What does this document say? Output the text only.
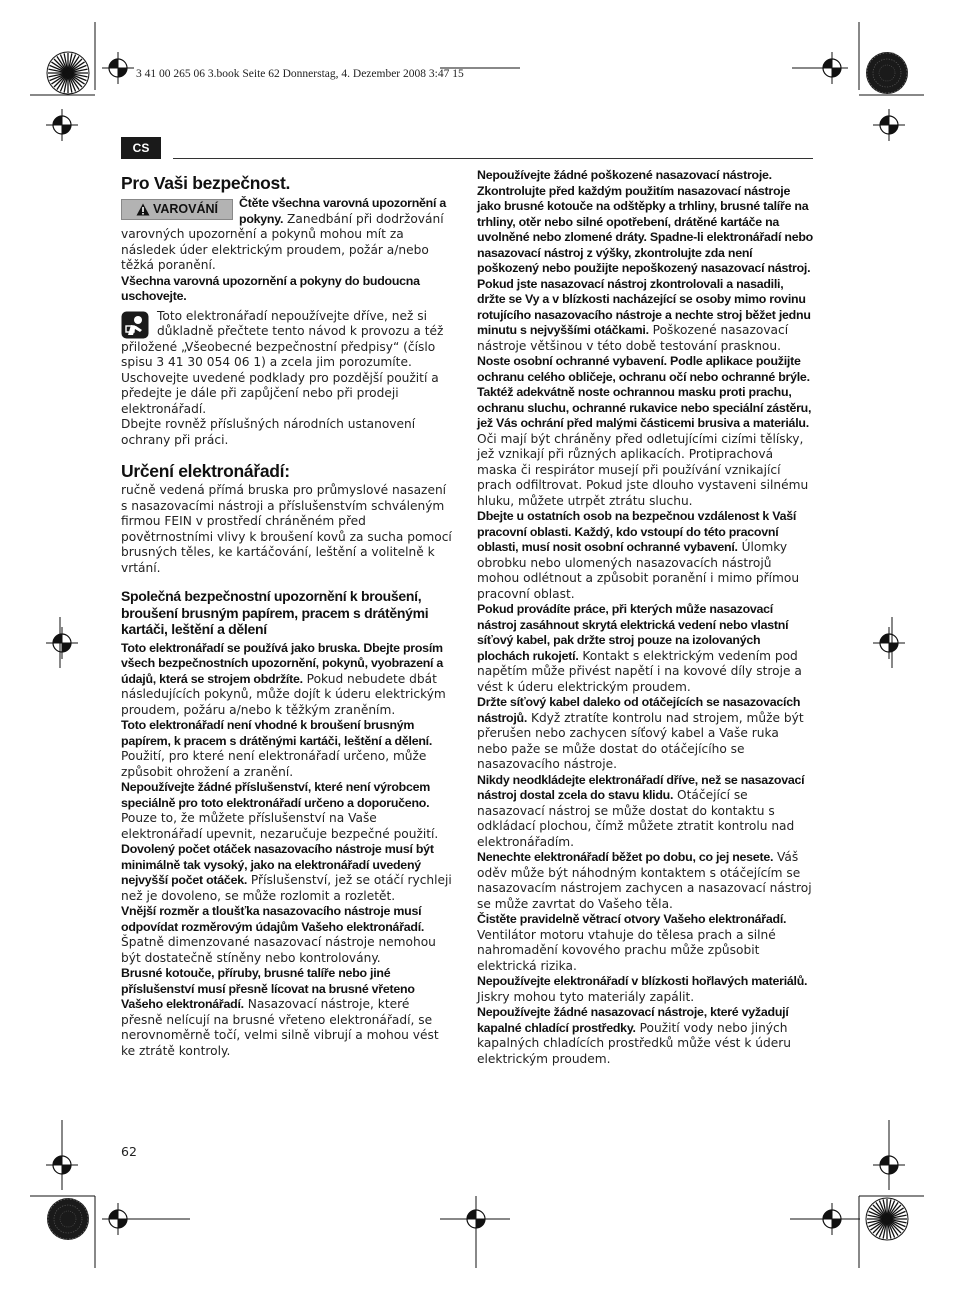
3 41 00 265 06 3.book Seite 62 Donnerstag, 4. Dezember 2008 3:47 15
CS
Pro Vaši bezpečnost.

VAROVÁNÍ Čtěte všechna varovná upozornění a pokyny. Zanedbání při dodržování varovných upozornění a pokynů mohou mít za následek úder elektrickým proudem, požár a/nebo těžká poranění.

Všechna varovná upozornění a pokyny do budoucna uschovejte.

Toto elektronářadí nepoužívejte dříve, než si důkladně přečtete tento návod k provozu a též přiložené „Všeobecné bezpečnostní předpisy“ (číslo spisu 3 41 30 054 06 1) a zcela jim porozumíte. Uschovejte uvedené podklady pro pozdější použití a předejte je dále při zapůjčení nebo při prodeji elektronářadí.

Dbejte rovněž příslušných národních ustanovení ochrany při práci.

Určení elektronářadí:

ručně vedená přímá bruska pro průmyslové nasazení s nasazovacími nástroji a příslušenstvím schváleným firmou FEIN v prostředí chráněném před povětrnostními vlivy k broušení kovů za sucha pomocí brusných těles, ke kartáčování, leštění a volitelně k vrtání.

Společná bezpečnostní upozornění k broušení, broušení brusným papírem, pracem s drátěnými kartáči, leštění a dělení

Toto elektronářadí se používá jako bruska. Dbejte prosím všech bezpečnostních upozornění, pokynů, vyobrazení a údajů, která se strojem obdržíte. Pokud nebudete dbát následujících pokynů, může dojít k úderu elektrickým proudem, požáru a/nebo k těžkým zraněním.

Toto elektronářadí není vhodné k broušení brusným papírem, k pracem s drátěnými kartáči, leštění a dělení. Použití, pro které není elektronářadí určeno, může způsobit ohrožení a zranění.

Nepoužívejte žádné příslušenství, které není výrobcem speciálně pro toto elektronářadí určeno a doporučeno. Pouze to, že můžete příslušenství na Vaše elektronářadí upevnit, nezaručuje bezpečné použití.

Dovolený počet otáček nasazovacího nástroje musí být minimálně tak vysoký, jako na elektronářadí uvedený nejvyšší počet otáček. Příslušenství, jež se otáčí rychleji než je dovoleno, se může rozlomit a rozletět.

Vnější rozměr a tloušťka nasazovacího nástroje musí odpovídat rozměrovým údajům Vašeho elektronářadí. Špatně dimenzované nasazovací nástroje nemohou být dostatečně stíněny nebo kontrolovány.

Brusné kotouče, příruby, brusné talíře nebo jiné příslušenství musí přesně lícovat na brusné vřeteno Vašeho elektronářadí. Nasazovací nástroje, které přesně nelícují na brusné vřeteno elektronářadí, se nerovnoměrně točí, velmi silně vibrují a mohou vést ke ztrátě kontroly.

Nepoužívejte žádné poškozené nasazovací nástroje. Zkontrolujte před každým použitím nasazovací nástroje jako brusné kotouče na odštěpky a trhliny, brusné talíře na trhliny, otěr nebo silné opotřebení, drátěné kartáče na uvolněné nebo zlomené dráty. Spadne-li elektronářadí nebo nasazovací nástroj z výšky, zkontrolujte zda není poškozený nebo použijte nepoškozený nasazovací nástroj. Pokud jste nasazovací nástroj zkontrolovali a nasadili, držte se Vy a v blízkosti nacházející se osoby mimo rovinu rotujícího nasazovacího nástroje a nechte stroj běžet jednu minutu s nejvyššími otáčkami. Poškozené nasazovací nástroje většinou v této době testování prasknou.

Noste osobní ochranné vybavení. Podle aplikace použijte ochranu celého obličeje, ochranu očí nebo ochranné brýle. Taktéž adekvátně noste ochrannou masku proti prachu, ochranu sluchu, ochranné rukavice nebo speciální zástěru, jež Vás ochrání před malými částicemi brusiva a materiálu. Oči mají být chráněny před odletujícími cizími tělísky, jež vznikají při různých aplikacích. Protiprachová maska či respirátor musejí při používání vznikající prach odfiltrovat. Pokud jste dlouho vystaveni silnému hluku, můžete utrpět ztrátu sluchu.

Dbejte u ostatních osob na bezpečnou vzdálenost k Vaší pracovní oblasti. Každý, kdo vstoupí do této pracovní oblasti, musí nosit osobní ochranné vybavení. Úlomky obrobku nebo ulomených nasazovacích nástrojů mohou odlétnout a způsobit poranění i mimo přímou pracovní oblast.

Pokud provádíte práce, při kterých může nasazovací nástroj zasáhnout skrytá elektrická vedení nebo vlastní síťový kabel, pak držte stroj pouze na izolovaných plochách rukojetí. Kontakt s elektrickým vedením pod napětím může přivést napětí i na kovové díly stroje a vést k úderu elektrickým proudem.

Držte síťový kabel daleko od otáčejících se nasazovacích nástrojů. Když ztratíte kontrolu nad strojem, může být přerušen nebo zachycen síťový kabel a Vaše ruka nebo paže se může dostat do otáčejícího se nasazovacího nástroje.

Nikdy neodkládejte elektronářadí dříve, než se nasazovací nástroj dostal zcela do stavu klidu. Otáčející se nasazovací nástroj se může dostat do kontaktu s odkládací plochou, čímž můžete ztratit kontrolu nad elektronářadím.

Nenechte elektronářadí běžet po dobu, co jej nesete. Váš oděv může být náhodným kontaktem s otáčejícím se nasazovacím nástrojem zachycen a nasazovací nástroj se může zavrtat do Vašeho těla.

Čistěte pravidelně větrací otvory Vašeho elektronářadí. Ventilátor motoru vtahuje do tělesa prach a silné nahromadění kovového prachu může způsobit elektrická rizika.

Nepoužívejte elektronářadí v blízkosti hořlavých materiálů. Jiskry mohou tyto materiály zapálit.

Nepoužívejte žádné nasazovací nástroje, které vyžadují kapalné chladící prostředky. Použití vody nebo jiných kapalných chladících prostředků může vést k úderu elektrickým proudem.

62
